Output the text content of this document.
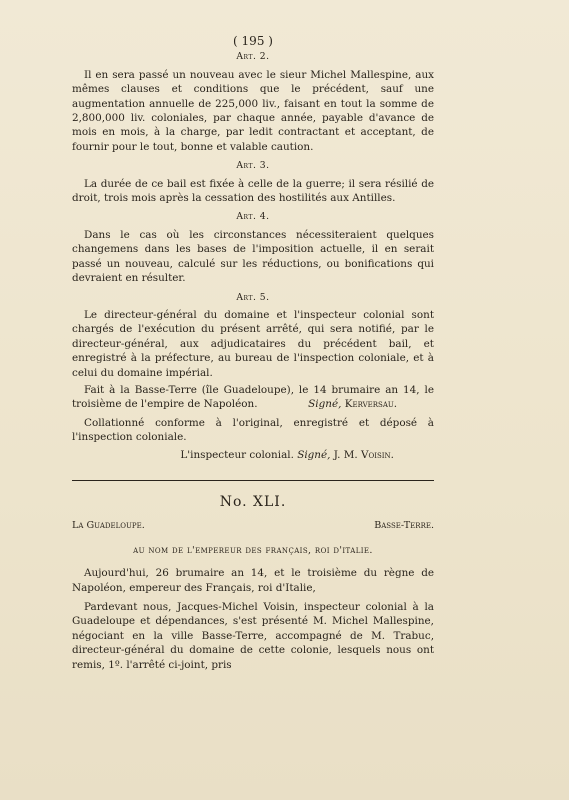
( 195 )
Art. 2.

Il en sera passé un nouveau avec le sieur Michel Mallespine, aux mêmes clauses et conditions que le précédent, sauf une augmentation annuelle de 225,000 liv., faisant en tout la somme de 2,800,000 liv. coloniales, par chaque année, payable d'avance de mois en mois, à la charge, par ledit contractant et acceptant, de fournir pour le tout, bonne et valable caution.

Art. 3.

La durée de ce bail est fixée à celle de la guerre; il sera résilié de droit, trois mois après la cessation des hostilités aux Antilles.

Art. 4.

Dans le cas où les circonstances nécessiteraient quelques changemens dans les bases de l'imposition actuelle, il en serait passé un nouveau, calculé sur les réductions, ou bonifications qui devraient en résulter.

Art. 5.

Le directeur-général du domaine et l'inspecteur colonial sont chargés de l'exécution du présent arrêté, qui sera notifié, par le directeur-général, aux adjudicataires du précédent bail, et enregistré à la préfecture, au bureau de l'inspection coloniale, et à celui du domaine impérial.

Fait à la Basse-Terre (île Guadeloupe), le 14 brumaire an 14, le troisième de l'empire de Napoléon.	Signé, Kerversau.

Collationné conforme à l'original, enregistré et déposé à l'inspection coloniale.

L'inspecteur colonial. Signé, J. M. Voisin.
No. XLI.
La Guadeloupe.	Basse-Terre.
au nom de l'empereur des français, roi d'italie.

Aujourd'hui, 26 brumaire an 14, et le troisième du règne de Napoléon, empereur des Français, roi d'Italie,

Pardevant nous, Jacques-Michel Voisin, inspecteur colonial à la Guadeloupe et dépendances, s'est présenté M. Michel Mallespine, négociant en la ville Basse-Terre, accompagné de M. Trabuc, directeur-général du domaine de cette colonie, lesquels nous ont remis, 1º. l'arrêté ci-joint, pris
